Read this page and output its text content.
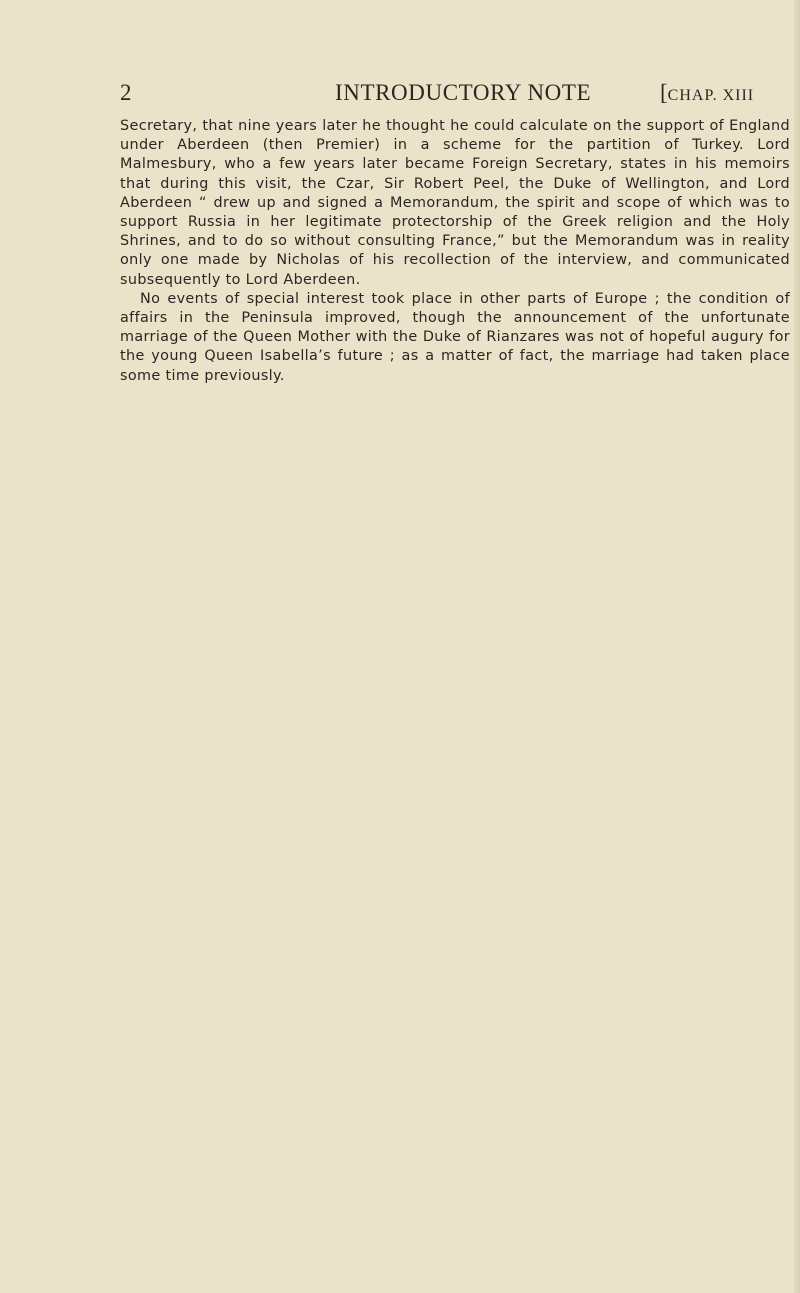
2	INTRODUCTORY NOTE	[CHAP. XIII

Secretary, that nine years later he thought he could calculate on the support of England under Aberdeen (then Premier) in a scheme for the partition of Turkey. Lord Malmesbury, who a few years later became Foreign Secretary, states in his memoirs that during this visit, the Czar, Sir Robert Peel, the Duke of Wellington, and Lord Aberdeen “ drew up and signed a Memorandum, the spirit and scope of which was to support Russia in her legitimate protectorship of the Greek religion and the Holy Shrines, and to do so without consulting France,” but the Memorandum was in reality only one made by Nicholas of his recollection of the interview, and communicated subsequently to Lord Aberdeen.

No events of special interest took place in other parts of Europe ; the condition of affairs in the Peninsula improved, though the announcement of the unfortunate marriage of the Queen Mother with the Duke of Rianzares was not of hopeful augury for the young Queen Isabella’s future ; as a matter of fact, the marriage had taken place some time previously.
